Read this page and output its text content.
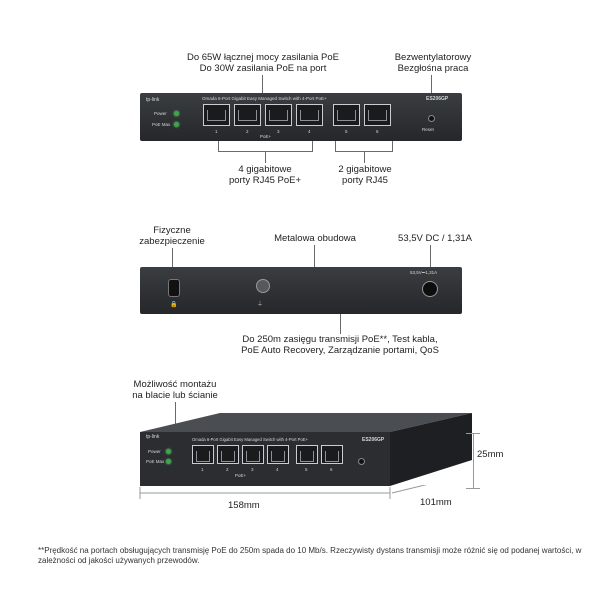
Do 65W łącznej mocy zasilania PoE
Do 30W zasilania PoE na port
Bezwentylatorowy
Bezgłośna praca
tp-link	Omada 6-Port Gigabit Easy Managed Switch with 4-Port PoE+	ES206GP
Power
PoE Max
1	2	3	4	5	6
PoE+
Reset
4 gigabitowe
porty RJ45 PoE+
2 gigabitowe
porty RJ45
Fizyczne
zabezpieczenie	Metalowa obudowa	53,5V DC / 1,31A
🔒	⏚
53,5V⎓1,31A
Do 250m zasięgu transmisji PoE**, Test kabla,
PoE Auto Recovery, Zarządzanie portami, QoS
Możliwość montażu
na blacie lub ścianie
tp-link	Omada 6-Port Gigabit Easy Managed Switch with 4-Port PoE+	ES206GP
Power
PoE Max
1	2	3	4	5	6
PoE+
25mm
158mm	101mm
**Prędkość na portach obsługujących transmisję PoE do 250m spada do 10 Mb/s. Rzeczywisty dystans transmisji może różnić się od podanej wartości, w zależności od jakości używanych przewodów.
